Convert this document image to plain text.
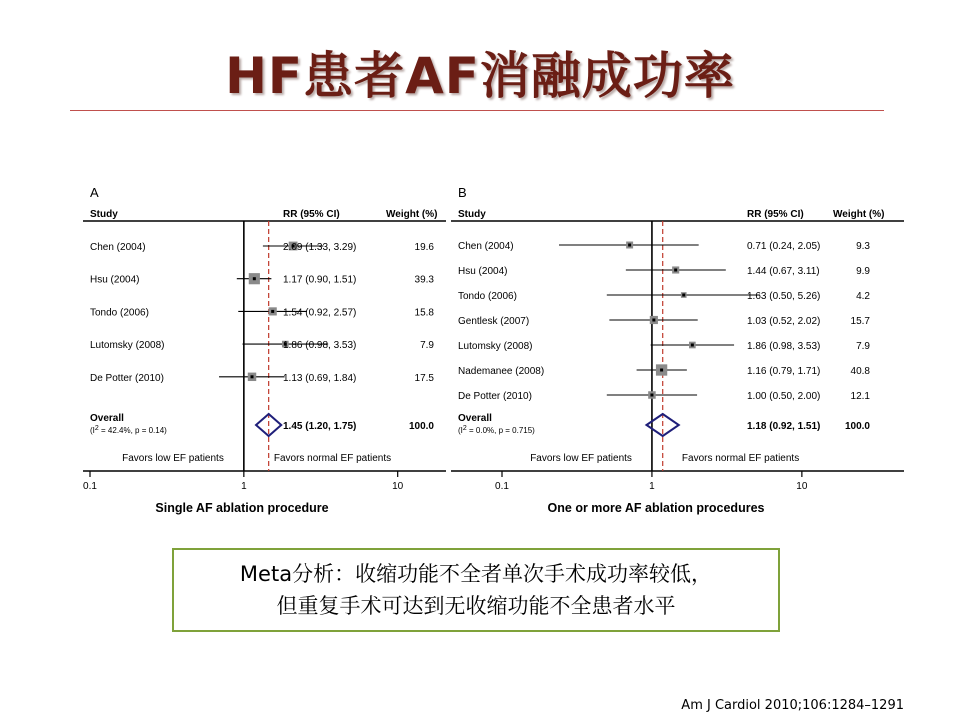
HF患者AF消融成功率
A
Study	RR (95% CI)	Weight (%)
Chen (2004)	2.09 (1.33, 3.29)	19.6
Hsu (2004)	1.17 (0.90, 1.51)	39.3
Tondo (2006)	1.54 (0.92, 2.57)	15.8
Lutomsky (2008)	1.86 (0.98, 3.53)	7.9
De Potter (2010)	1.13 (0.69, 1.84)	17.5
Overall
(I2 = 42.4%, p = 0.14)	1.45 (1.20, 1.75)	100.0
Favors low EF patients	Favors normal EF patients
0.1	1	10
Single AF ablation procedure
B
Study	RR (95% CI)	Weight (%)
Chen (2004)	0.71 (0.24, 2.05)	9.3
Hsu (2004)	1.44 (0.67, 3.11)	9.9
Tondo (2006)	1.63 (0.50, 5.26)	4.2
Gentlesk (2007)	1.03 (0.52, 2.02)	15.7
Lutomsky (2008)	1.86 (0.98, 3.53)	7.9
Nademanee (2008)	1.16 (0.79, 1.71)	40.8
De Potter (2010)	1.00 (0.50, 2.00)	12.1
Overall
(I2 = 0.0%, p = 0.715)	1.18 (0.92, 1.51) 100.0
Favors low EF patients	Favors normal EF patients
0.1	1	10
One or more AF ablation procedures
Meta分析：收缩功能不全者单次手术成功率较低，
但重复手术可达到无收缩功能不全患者水平
Am J Cardiol 2010;106:1284–1291
